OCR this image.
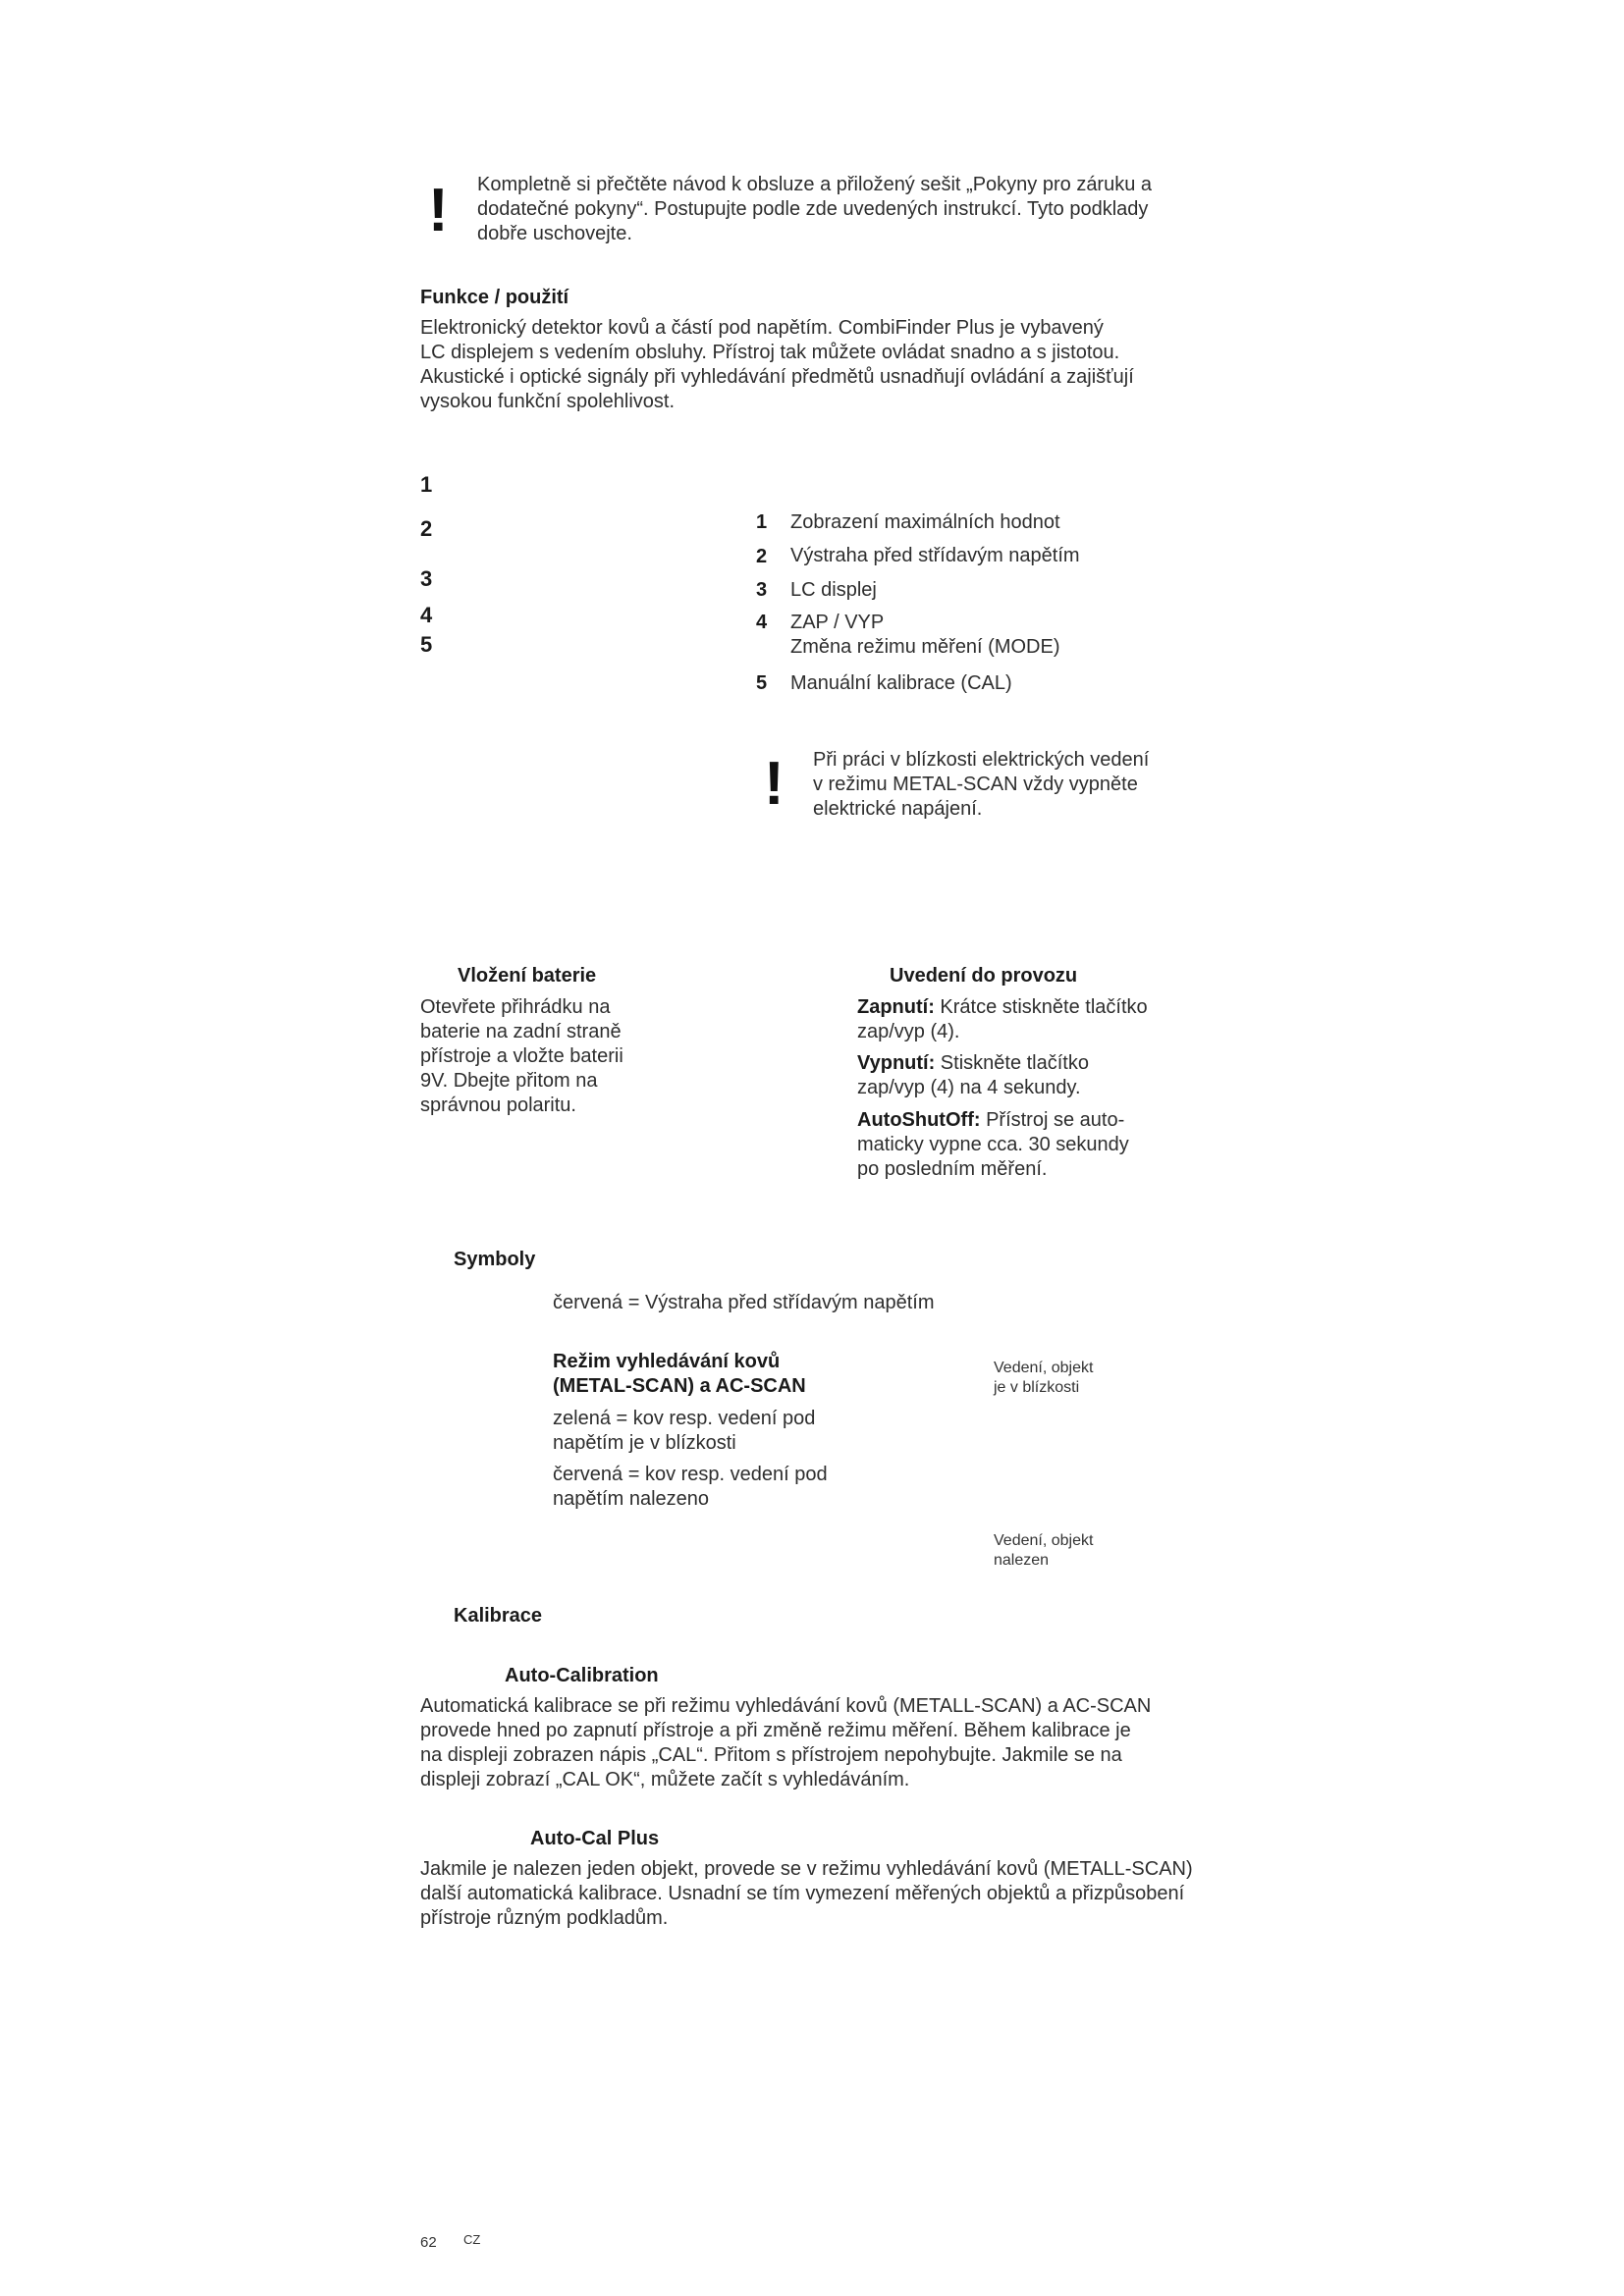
! Kompletně si přečtěte návod k obsluze a přiložený sešit „Pokyny pro záruku a

dodatečné pokyny“. Postupujte podle zde uvedených instrukcí. Tyto podklady

dobře uschovejte.

Funkce / použití

Elektronický detektor kovů a částí pod napětím. CombiFinder Plus je vybavený

LC displejem s vedením obsluhy. Přístroj tak můžete ovládat snadno a s jistotou.

Akustické i optické signály při vyhledávání předmětů usnadňují ovládání a zajišťují

vysokou funkční spolehlivost.

1
2
3
4
5
1 Zobrazení maximálních hodnot
2 Výstraha před střídavým napětím
3 LC displej
4 ZAP / VYP

Změna režimu měření (MODE)

5 Manuální kalibrace (CAL)
! Při práci v blízkosti elektrických vedení

v režimu METAL-SCAN vždy vypněte

elektrické napájení.

Vložení baterie

Otevřete přihrádku na

baterie na zadní straně

přístroje a vložte baterii

9V. Dbejte přitom na

správnou polaritu.

Uvedení do provozu

Zapnutí: Krátce stiskněte tlačítko

zap/vyp (4).

Vypnutí: Stiskněte tlačítko

zap/vyp (4) na 4 sekundy.

AutoShutOff: Přístroj se auto-

maticky vypne cca. 30 sekundy

po posledním měření.

Symboly
červená = Výstraha před střídavým napětím

Režim vyhledávání kovů

(METAL-SCAN) a AC-SCAN

zelená = kov resp. vedení pod

napětím je v blízkosti

červená = kov resp. vedení pod

napětím nalezeno

Vedení, objekt

je v blízkosti

Vedení, objekt

nalezen

Kalibrace
Auto-Calibration

Automatická kalibrace se při režimu vyhledávání kovů (METALL-SCAN) a AC-SCAN

provede hned po zapnutí přístroje a při změně režimu měření. Během kalibrace je

na displeji zobrazen nápis „CAL“. Přitom s přístrojem nepohybujte. Jakmile se na

displeji zobrazí „CAL OK“, můžete začít s vyhledáváním.

Auto-Cal Plus

Jakmile je nalezen jeden objekt, provede se v režimu vyhledávání kovů (METALL-SCAN)

další automatická kalibrace. Usnadní se tím vymezení měřených objektů a přizpůsobení

přístroje různým podkladům.

62 CZ
